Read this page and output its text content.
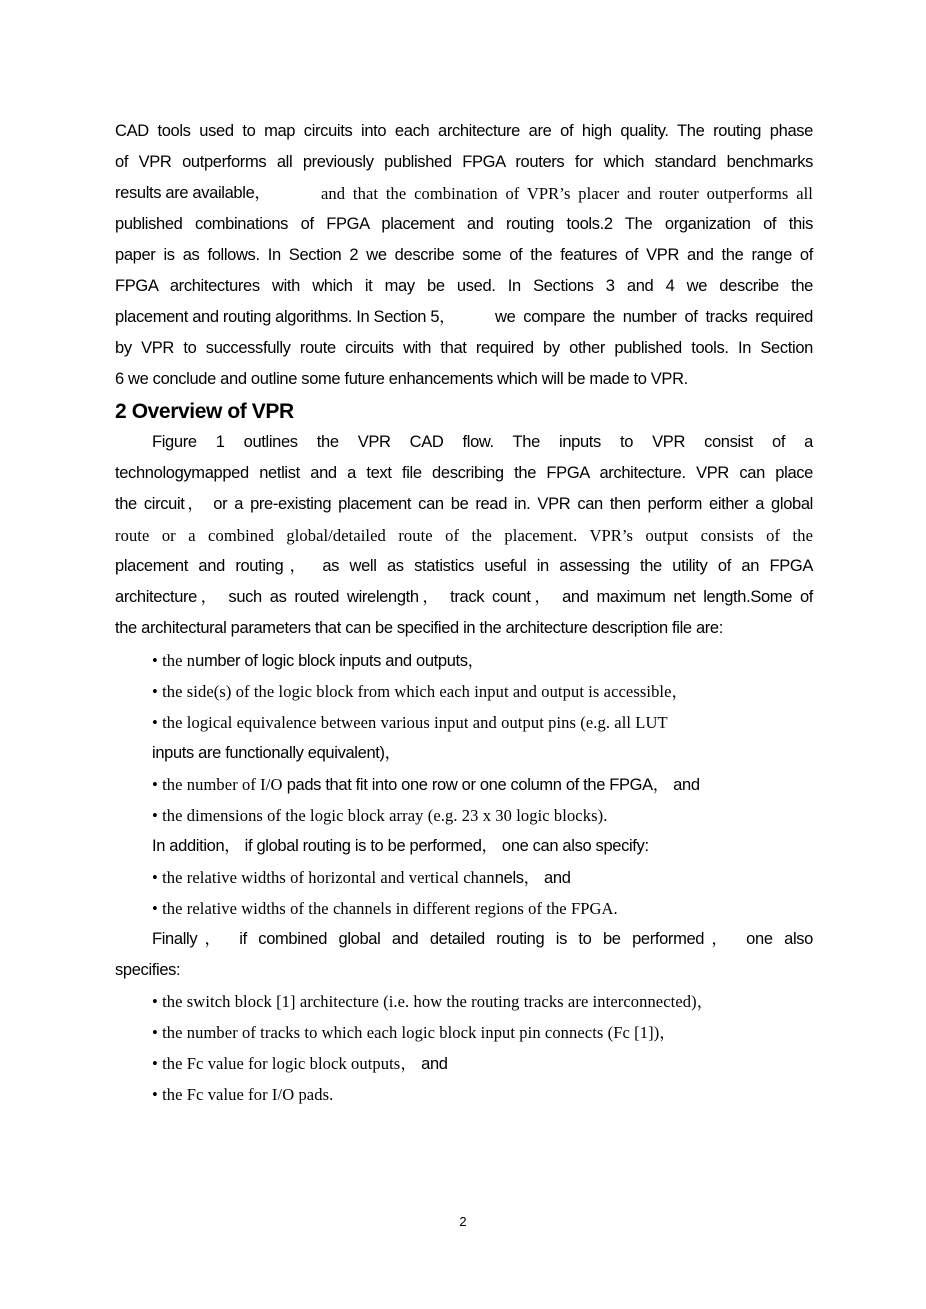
CAD tools used to map circuits into each architecture are of high quality. The routing phase
of VPR outperforms all previously published FPGA routers for which standard benchmarks
results are available，	and that the combination of VPR’s placer and router outperforms all
published combinations of FPGA placement and routing tools.2 The organization of this
paper is as follows. In Section 2 we describe some of the features of VPR and the range of
FPGA architectures with which it may be used. In Sections 3 and 4 we describe the
placement and routing algorithms. In Section 5， we compare the number of tracks required
by VPR to successfully route circuits with that required by other published tools. In Section
6 we conclude and outline some future enhancements which will be made to VPR.
2 Overview of VPR
Figure 1 outlines the VPR CAD flow. The inputs to VPR consist of a
technologymapped netlist and a text file describing the FPGA architecture. VPR can place
the circuit， or a pre-existing placement can be read in. VPR can then perform either a global
route or a combined global/detailed route of the placement. VPR’s output consists of the
placement and routing， as well as statistics useful in assessing the utility of an FPGA
architecture， such as routed wirelength， track count， and maximum net length.Some of
the architectural parameters that can be specified in the architecture description file are:
• the number of logic block inputs and outputs，
• the side(s) of the logic block from which each input and output is accessible，
• the logical equivalence between various input and output pins (e.g. all LUT
inputs are functionally equivalent)，
• the number of I/O pads that fit into one row or one column of the FPGA， and
• the dimensions of the logic block array (e.g. 23 x 30 logic blocks).
In addition， if global routing is to be performed， one can also specify:
• the relative widths of horizontal and vertical channels， and
• the relative widths of the channels in different regions of the FPGA.
Finally， if combined global and detailed routing is to be performed， one also
specifies:
• the switch block [1] architecture (i.e. how the routing tracks are interconnected)，
• the number of tracks to which each logic block input pin connects (Fc [1])，
• the Fc value for logic block outputs， and
• the Fc value for I/O pads.
2
